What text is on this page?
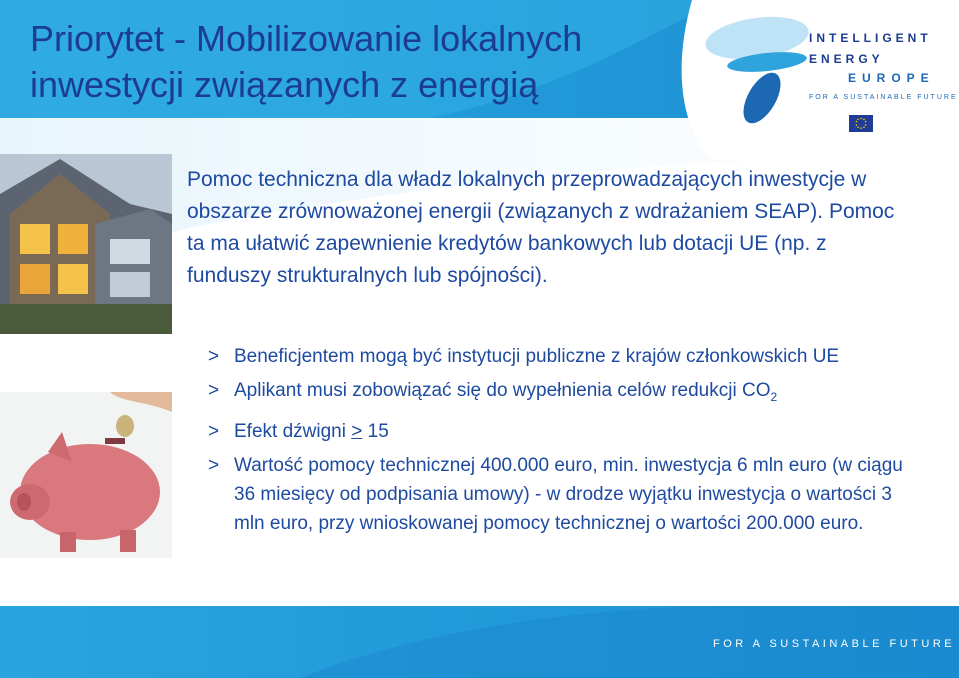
Priorytet - Mobilizowanie lokalnych inwestycji związanych z energią
INTELLIGENT
ENERGY
EUROPE
FOR A SUSTAINABLE FUTURE

Pomoc techniczna dla władz lokalnych przeprowadzających inwestycje w obszarze zrównoważonej energii (związanych z wdrażaniem SEAP). Pomoc ta ma ułatwić zapewnienie kredytów bankowych lub dotacji UE (np. z funduszy strukturalnych lub spójności).

> Beneficjentem mogą być instytucji publiczne z krajów członkowskich UE
> Aplikant musi zobowiązać się do wypełnienia celów redukcji $CO_2$
> Efekt dźwigni > 15
> Wartość pomocy technicznej 400.000 euro, min. inwestycja 6 mln euro (w ciągu 36 miesięcy od podpisania umowy) - w drodze wyjątku inwestycja o wartości 3 mln euro, przy wnioskowanej pomocy technicznej o wartości 200.000 euro.
FOR A SUSTAINABLE FUTURE
